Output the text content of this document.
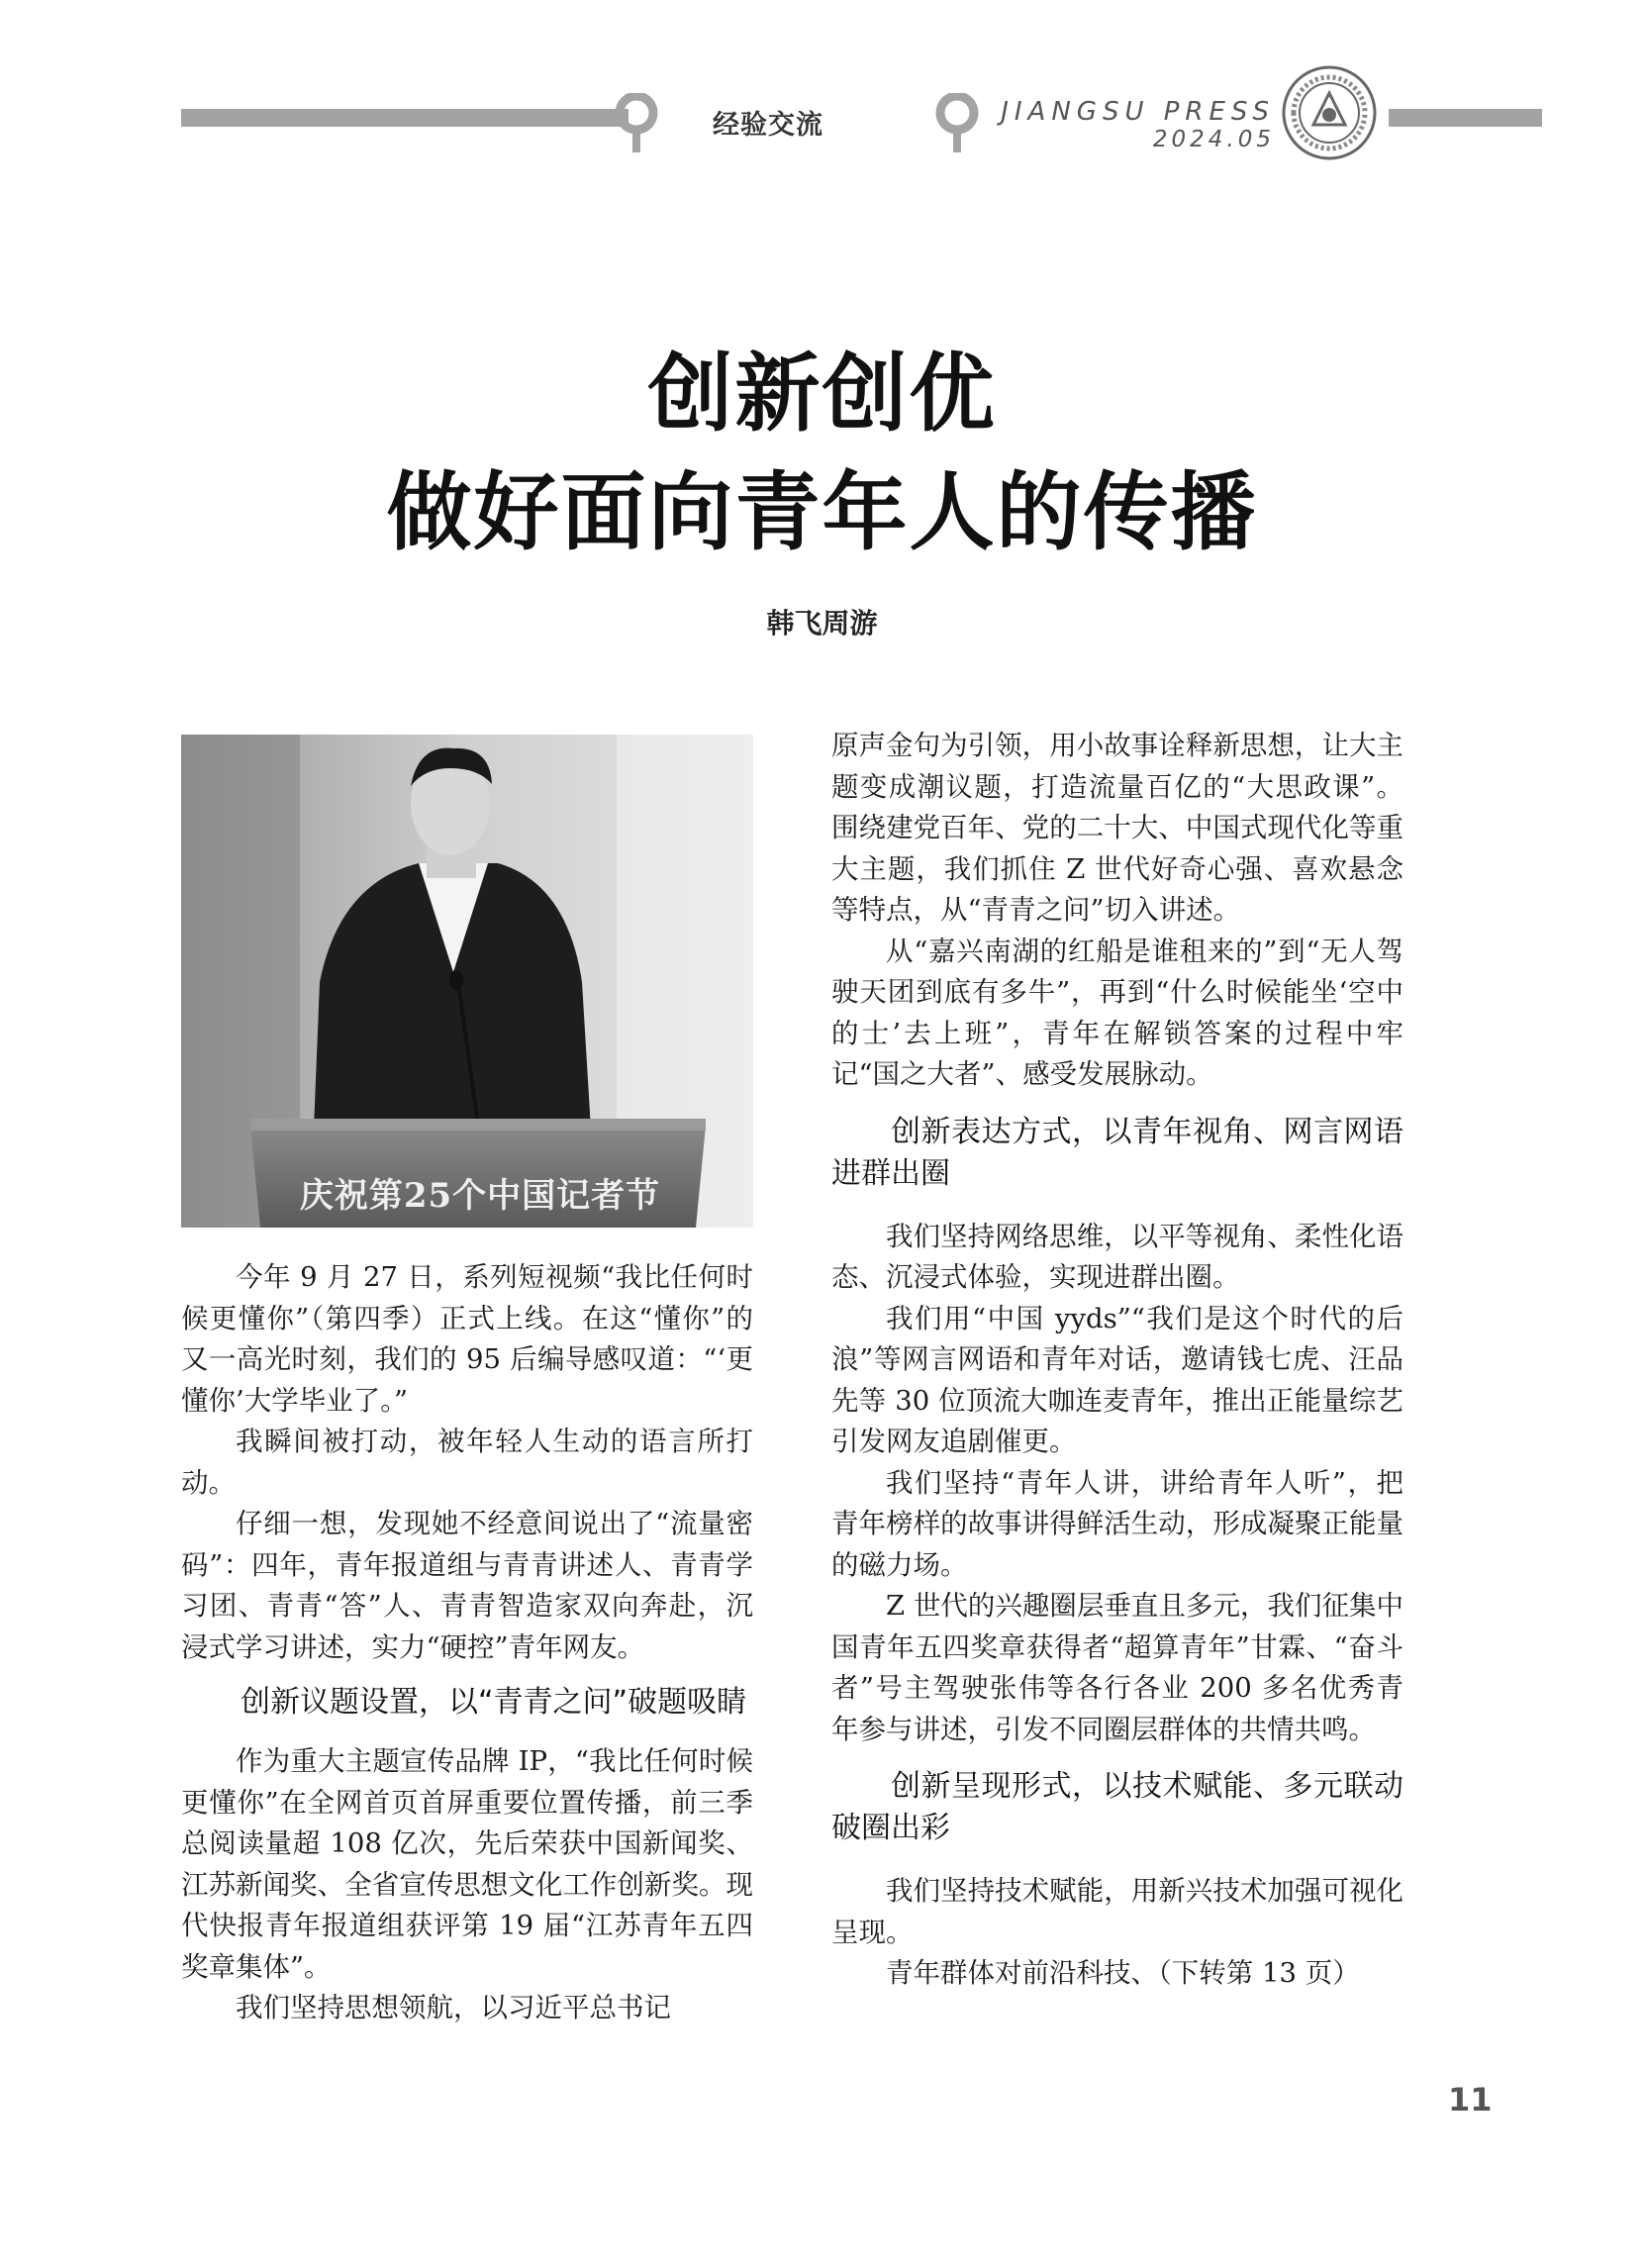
经验交流	JIANGSU PRESS
2024.05
创新创优
做好面向青年人的传播
韩飞周游
庆祝第25个中国记者节

今年 9 月 27 日，系列短视频“我比任何时候更懂你”（第四季）正式上线。在这“懂你”的又一高光时刻，我们的 95 后编导感叹道：“‘更懂你’大学毕业了。”

我瞬间被打动，被年轻人生动的语言所打动。

仔细一想，发现她不经意间说出了“流量密码”：四年，青年报道组与青青讲述人、青青学习团、青青“答”人、青青智造家双向奔赴，沉浸式学习讲述，实力“硬控”青年网友。

创新议题设置，以“青青之问”破题吸睛

作为重大主题宣传品牌 IP，“我比任何时候更懂你”在全网首页首屏重要位置传播，前三季总阅读量超 108 亿次，先后荣获中国新闻奖、江苏新闻奖、全省宣传思想文化工作创新奖。现代快报青年报道组获评第 19 届“江苏青年五四奖章集体”。

我们坚持思想领航，以习近平总书记

原声金句为引领，用小故事诠释新思想，让大主题变成潮议题，打造流量百亿的“大思政课”。围绕建党百年、党的二十大、中国式现代化等重大主题，我们抓住 Z 世代好奇心强、喜欢悬念等特点，从“青青之问”切入讲述。

从“嘉兴南湖的红船是谁租来的”到“无人驾驶天团到底有多牛”，再到“什么时候能坐‘空中的士’去上班”，青年在解锁答案的过程中牢记“国之大者”、感受发展脉动。

创新表达方式，以青年视角、网言网语进群出圈

我们坚持网络思维，以平等视角、柔性化语态、沉浸式体验，实现进群出圈。

我们用“中国 yyds”“我们是这个时代的后浪”等网言网语和青年对话，邀请钱七虎、汪品先等 30 位顶流大咖连麦青年，推出正能量综艺引发网友追剧催更。

我们坚持“青年人讲，讲给青年人听”，把青年榜样的故事讲得鲜活生动，形成凝聚正能量的磁力场。

Z 世代的兴趣圈层垂直且多元，我们征集中国青年五四奖章获得者“超算青年”甘霖、“奋斗者”号主驾驶张伟等各行各业 200 多名优秀青年参与讲述，引发不同圈层群体的共情共鸣。

创新呈现形式，以技术赋能、多元联动破圈出彩

我们坚持技术赋能，用新兴技术加强可视化呈现。

青年群体对前沿科技、（下转第 13 页）

11
